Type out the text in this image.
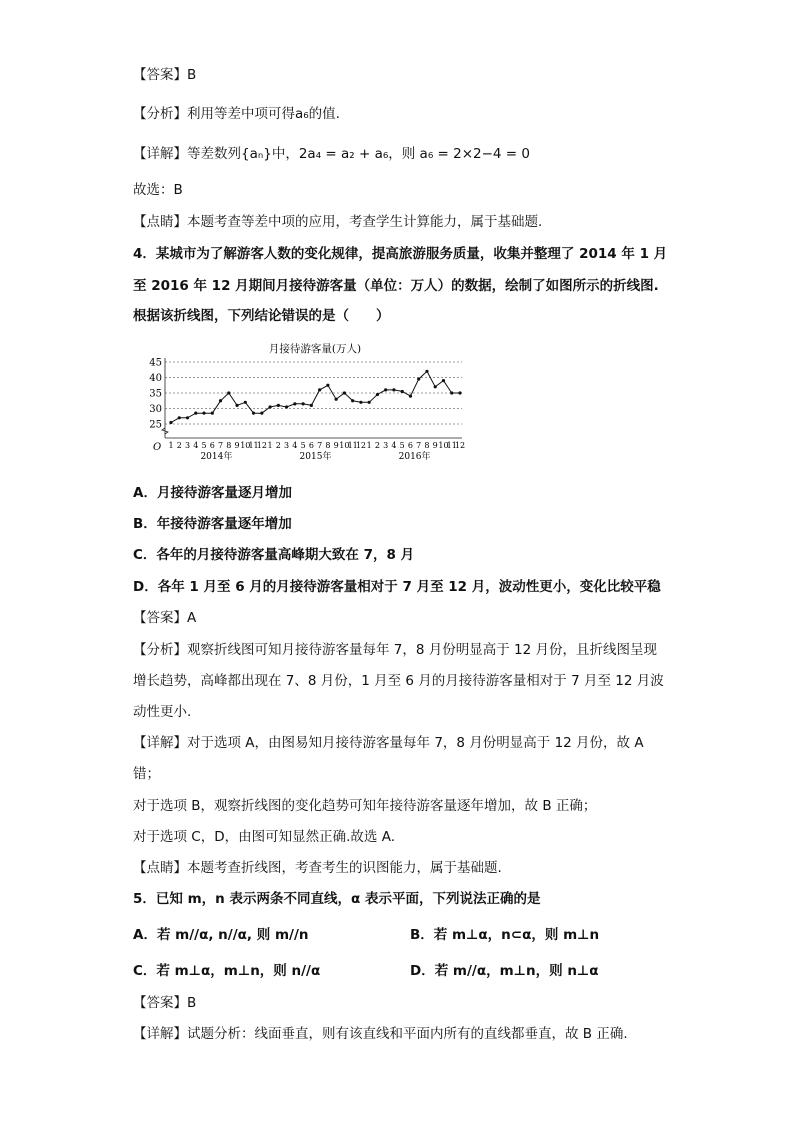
【答案】B
【分析】利用等差中项可得a₆的值.
【详解】等差数列{aₙ}中，2a₄ = a₂ + a₆，则 a₆ = 2×2−4 = 0
故选：B
【点睛】本题考查等差中项的应用，考查学生计算能力，属于基础题.
4．某城市为了解游客人数的变化规律，提高旅游服务质量，收集并整理了 2014 年 1 月
至 2016 年 12 月期间月接待游客量（单位：万人）的数据，绘制了如图所示的折线图.
根据该折线图，下列结论错误的是（　　）
月接待游客量(万人)
25
30
35
40
45
O 1 2 3 4 5 6 7 8 9 10
11
12 1 2 3 4 5 6 7 8 9 10
11
12 1 2 3 4 5 6 7 8 9 10
11
12
2014年	2015年	2016年
A．月接待游客量逐月增加
B．年接待游客量逐年增加
C．各年的月接待游客量高峰期大致在 7，8 月
D．各年 1 月至 6 月的月接待游客量相对于 7 月至 12 月，波动性更小，变化比较平稳
【答案】A
【分析】观察折线图可知月接待游客量每年 7，8 月份明显高于 12 月份，且折线图呈现
增长趋势，高峰都出现在 7、8 月份，1 月至 6 月的月接待游客量相对于 7 月至 12 月波
动性更小.
【详解】对于选项 A，由图易知月接待游客量每年 7，8 月份明显高于 12 月份，故 A
错；
对于选项 B，观察折线图的变化趋势可知年接待游客量逐年增加，故 B 正确；
对于选项 C，D，由图可知显然正确.故选 A.
【点睛】本题考查折线图，考查考生的识图能力，属于基础题.
5．已知 m，n 表示两条不同直线，α 表示平面，下列说法正确的是
A．若 m//α, n//α, 则 m//n	B．若 m⊥α，n⊂α，则 m⊥n
C．若 m⊥α，m⊥n，则 n//α	D．若 m//α，m⊥n，则 n⊥α
【答案】B
【详解】试题分析：线面垂直，则有该直线和平面内所有的直线都垂直，故 B 正确.
